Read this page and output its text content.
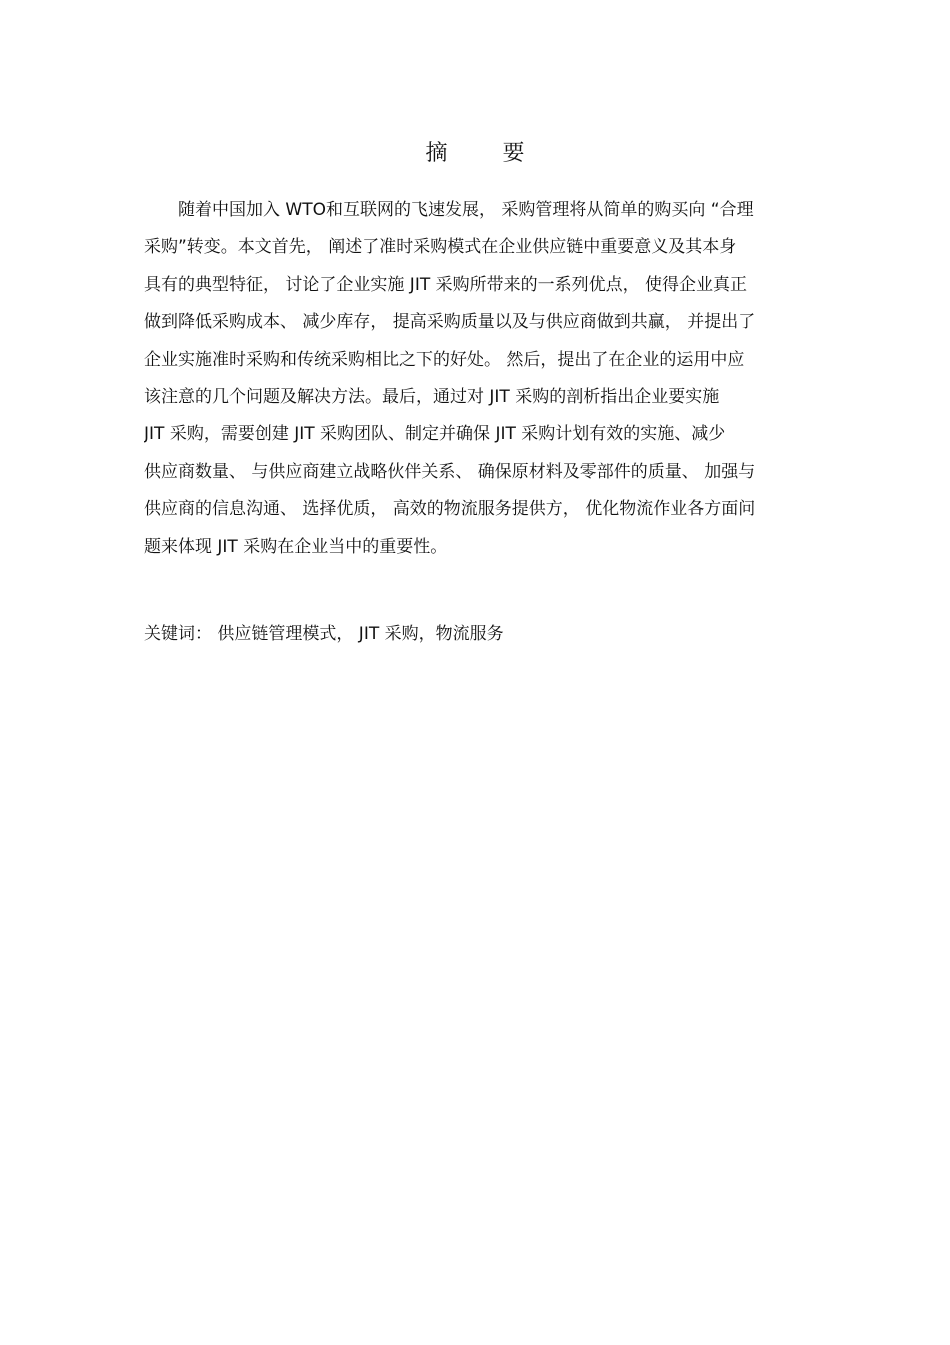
摘 要
　　随着中国加入 WTO和互联网的飞速发展， 采购管理将从简单的购买向 “合理
采购”转变。本文首先， 阐述了准时采购模式在企业供应链中重要意义及其本身
具有的典型特征， 讨论了企业实施 JIT 采购所带来的一系列优点， 使得企业真正
做到降低采购成本、 减少库存， 提高采购质量以及与供应商做到共赢， 并提出了
企业实施准时采购和传统采购相比之下的好处。 然后，提出了在企业的运用中应
该注意的几个问题及解决方法。最后，通过对 JIT 采购的剖析指出企业要实施
JIT 采购，需要创建 JIT 采购团队、制定并确保 JIT 采购计划有效的实施、减少
供应商数量、 与供应商建立战略伙伴关系、 确保原材料及零部件的质量、 加强与
供应商的信息沟通、 选择优质， 高效的物流服务提供方， 优化物流作业各方面问
题来体现 JIT 采购在企业当中的重要性。
关键词： 供应链管理模式， JIT 采购，物流服务
